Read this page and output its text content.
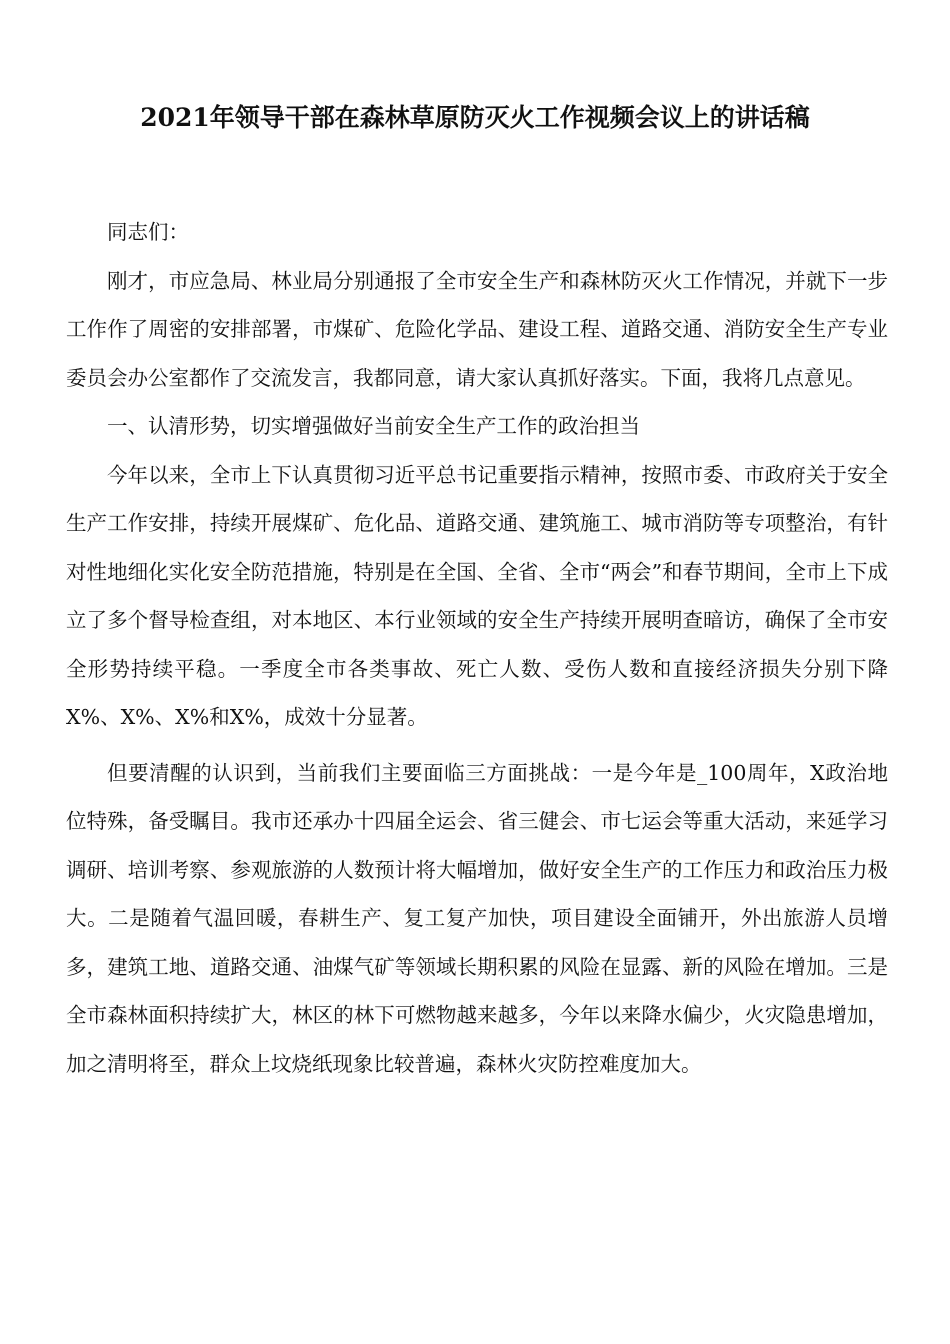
2021年领导干部在森林草原防灭火工作视频会议上的讲话稿

同志们：

刚才，市应急局、林业局分别通报了全市安全生产和森林防灭火工作情况，并就下一步工作作了周密的安排部署，市煤矿、危险化学品、建设工程、道路交通、消防安全生产专业委员会办公室都作了交流发言，我都同意，请大家认真抓好落实。下面，我将几点意见。

一、认清形势，切实增强做好当前安全生产工作的政治担当

今年以来，全市上下认真贯彻习近平总书记重要指示精神，按照市委、市政府关于安全生产工作安排，持续开展煤矿、危化品、道路交通、建筑施工、城市消防等专项整治，有针对性地细化实化安全防范措施，特别是在全国、全省、全市“两会”和春节期间，全市上下成立了多个督导检查组，对本地区、本行业领域的安全生产持续开展明查暗访，确保了全市安全形势持续平稳。一季度全市各类事故、死亡人数、受伤人数和直接经济损失分别下降X%、X%、X%和X%，成效十分显著。

但要清醒的认识到，当前我们主要面临三方面挑战：一是今年是_100周年，X政治地位特殊，备受瞩目。我市还承办十四届全运会、省三健会、市七运会等重大活动，来延学习调研、培训考察、参观旅游的人数预计将大幅增加，做好安全生产的工作压力和政治压力极大。二是随着气温回暖，春耕生产、复工复产加快，项目建设全面铺开，外出旅游人员增多，建筑工地、道路交通、油煤气矿等领域长期积累的风险在显露、新的风险在增加。三是全市森林面积持续扩大，林区的林下可燃物越来越多，今年以来降水偏少，火灾隐患增加，加之清明将至，群众上坟烧纸现象比较普遍，森林火灾防控难度加大。
